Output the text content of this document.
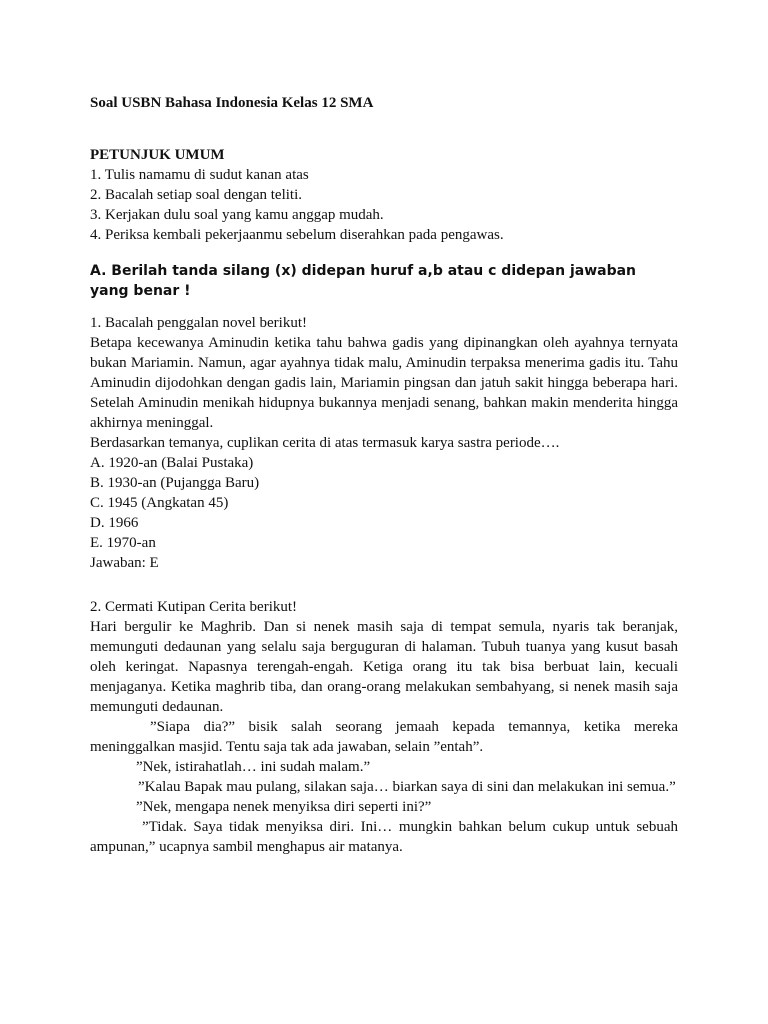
Soal USBN Bahasa Indonesia Kelas 12 SMA
PETUNJUK UMUM
1. Tulis namamu di sudut kanan atas
2. Bacalah setiap soal dengan teliti.
3. Kerjakan dulu soal yang kamu anggap mudah.
4. Periksa kembali pekerjaanmu sebelum diserahkan pada pengawas.

A. Berilah tanda silang (x) didepan huruf a,b atau c didepan jawaban yang benar !

1. Bacalah penggalan novel berikut!

Betapa kecewanya Aminudin ketika tahu bahwa gadis yang dipinangkan oleh ayahnya ternyata bukan Mariamin. Namun, agar ayahnya tidak malu, Aminudin terpaksa menerima gadis itu. Tahu Aminudin dijodohkan dengan gadis lain, Mariamin pingsan dan jatuh sakit hingga beberapa hari. Setelah Aminudin menikah hidupnya bukannya menjadi senang, bahkan makin menderita hingga akhirnya meninggal.

Berdasarkan temanya, cuplikan cerita di atas termasuk karya sastra periode….
A. 1920-an (Balai Pustaka)
B. 1930-an (Pujangga Baru)
C. 1945 (Angkatan 45)
D. 1966
E. 1970-an
Jawaban: E
2. Cermati Kutipan Cerita berikut!

Hari bergulir ke Maghrib. Dan si nenek masih saja di tempat semula, nyaris tak beranjak, memunguti dedaunan yang selalu saja berguguran di halaman. Tubuh tuanya yang kusut basah oleh keringat. Napasnya terengah-engah. Ketiga orang itu tak bisa berbuat lain, kecuali menjaganya. Ketika maghrib tiba, dan orang-orang melakukan sembahyang, si nenek masih saja memunguti dedaunan.

”Siapa dia?” bisik salah seorang jemaah kepada temannya, ketika mereka meninggalkan masjid. Tentu saja tak ada jawaban, selain ”entah”.

”Nek, istirahatlah… ini sudah malam.”

”Kalau Bapak mau pulang, silakan saja… biarkan saya di sini dan melakukan ini semua.”

”Nek, mengapa nenek menyiksa diri seperti ini?”

”Tidak. Saya tidak menyiksa diri. Ini… mungkin bahkan belum cukup untuk sebuah ampunan,” ucapnya sambil menghapus air matanya.
